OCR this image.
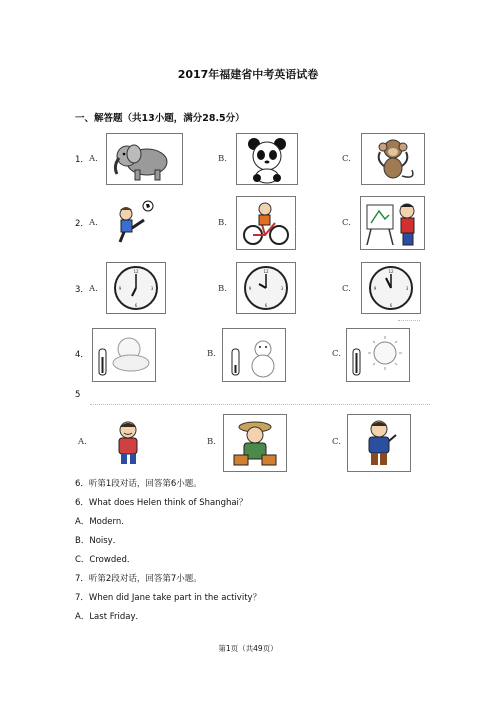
2017年福建省中考英语试卷
一、解答题（共13小题，满分28.5分）
1． A.	B.	C.
2． A.	B.	C.
3． A.
12
3
6
9	B.
12
3
6
9	C.
12
3
6
9
4．	B.	C.
5
A.	B.	C.
6．听第1段对话，回答第6小题。
6．What does Helen think of Shanghai？
A．Modern．
B．Noisy．
C．Crowded．
7．听第2段对话，回答第7小题。
7．When did Jane take part in the activity？
A．Last Friday．
第1页（共49页）
